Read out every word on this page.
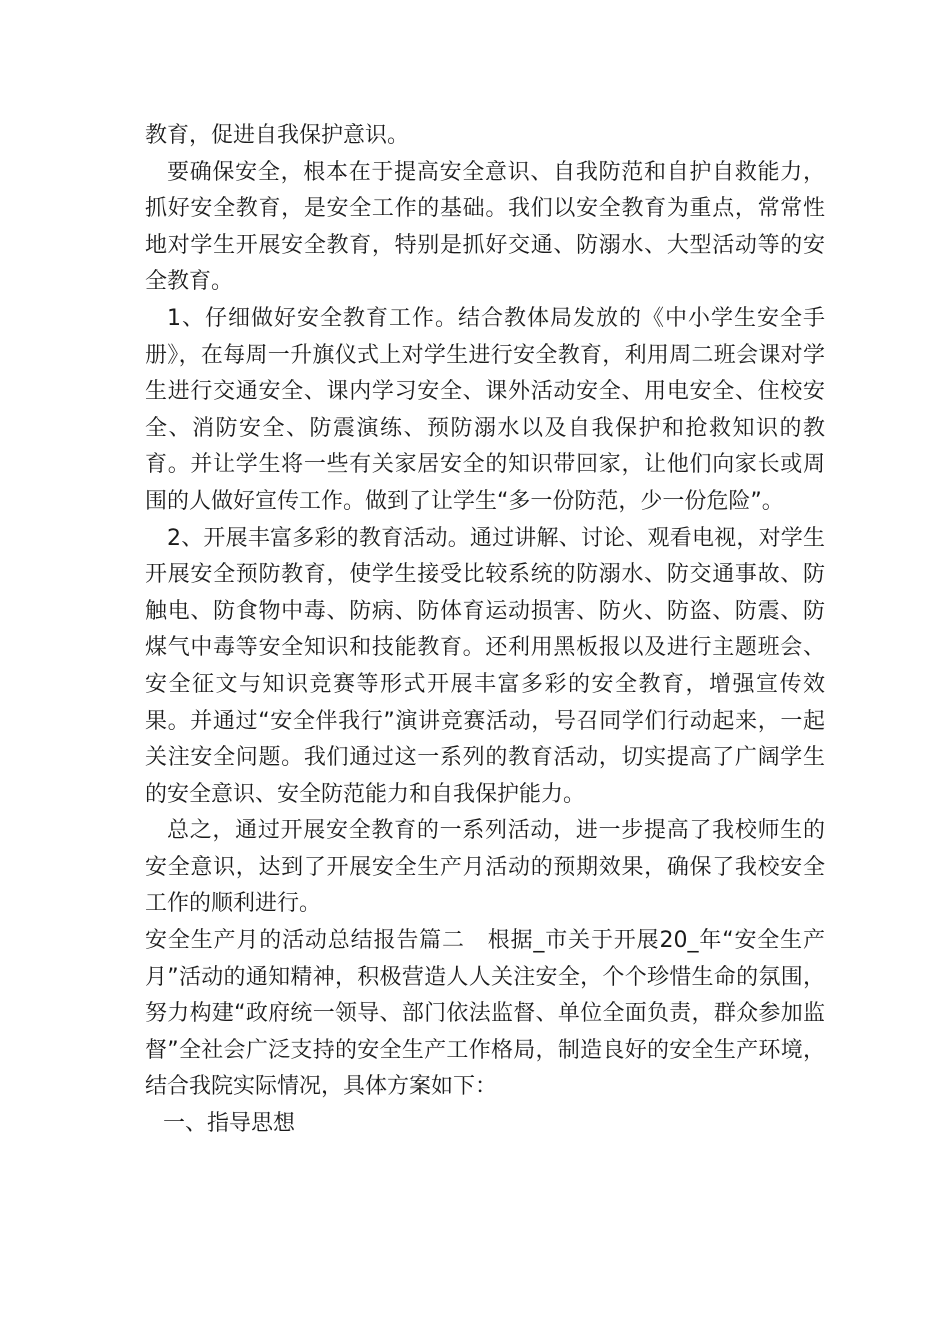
教育，促进自我保护意识。

要确保安全，根本在于提高安全意识、自我防范和自护自救能力，抓好安全教育，是安全工作的基础。我们以安全教育为重点，常常性地对学生开展安全教育，特别是抓好交通、防溺水、大型活动等的安全教育。

1、仔细做好安全教育工作。结合教体局发放的《中小学生安全手册》，在每周一升旗仪式上对学生进行安全教育，利用周二班会课对学生进行交通安全、课内学习安全、课外活动安全、用电安全、住校安全、消防安全、防震演练、预防溺水以及自我保护和抢救知识的教育。并让学生将一些有关家居安全的知识带回家，让他们向家长或周围的人做好宣传工作。做到了让学生“多一份防范，少一份危险”。

2、开展丰富多彩的教育活动。通过讲解、讨论、观看电视，对学生开展安全预防教育，使学生接受比较系统的防溺水、防交通事故、防触电、防食物中毒、防病、防体育运动损害、防火、防盗、防震、防煤气中毒等安全知识和技能教育。还利用黑板报以及进行主题班会、安全征文与知识竞赛等形式开展丰富多彩的安全教育，增强宣传效果。并通过“安全伴我行”演讲竞赛活动，号召同学们行动起来，一起关注安全问题。我们通过这一系列的教育活动，切实提高了广阔学生的安全意识、安全防范能力和自我保护能力。

总之，通过开展安全教育的一系列活动，进一步提高了我校师生的安全意识，达到了开展安全生产月活动的预期效果，确保了我校安全工作的顺利进行。

安全生产月的活动总结报告篇二　根据_市关于开展20_年“安全生产月”活动的通知精神，积极营造人人关注安全，个个珍惜生命的氛围，努力构建“政府统一领导、部门依法监督、单位全面负责，群众参加监督”全社会广泛支持的安全生产工作格局，制造良好的安全生产环境，结合我院实际情况，具体方案如下：

一、指导思想
